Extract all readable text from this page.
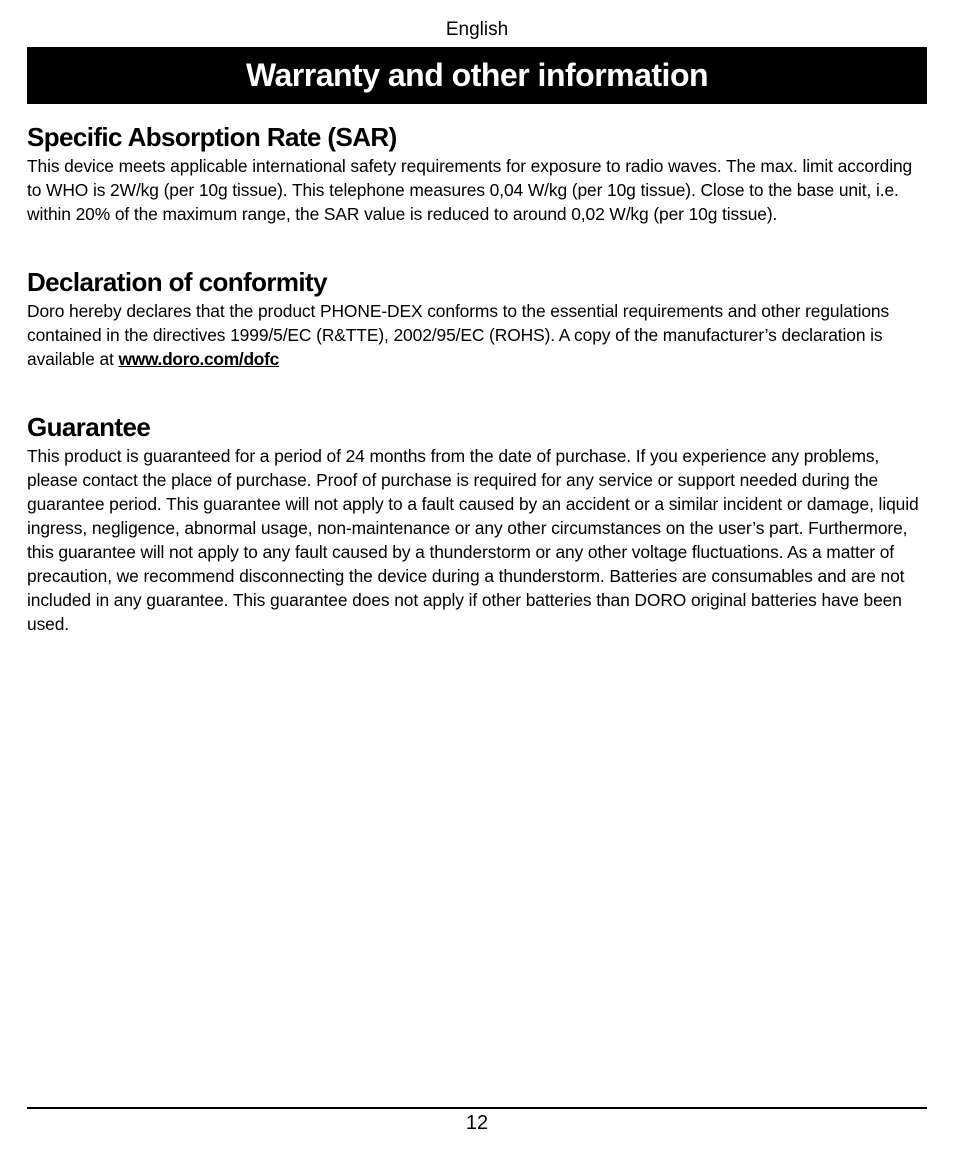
English
Warranty and other information
Specific Absorption Rate (SAR)

This device meets applicable international safety requirements for exposure to radio waves. The max. limit according to WHO is 2W/kg (per 10g tissue). This telephone measures 0,04 W/kg (per 10g tissue). Close to the base unit, i.e. within 20% of the maximum range, the SAR value is reduced to around 0,02 W/kg (per 10g tissue).

Declaration of conformity

Doro hereby declares that the product PHONE-DEX conforms to the essential requirements and other regulations contained in the directives 1999/5/EC (R&TTE), 2002/95/EC (ROHS). A copy of the manufacturer’s declaration is available at www.doro.com/dofc

Guarantee

This product is guaranteed for a period of 24 months from the date of purchase. If you experience any problems, please contact the place of purchase. Proof of purchase is required for any service or support needed during the guarantee period. This guarantee will not apply to a fault caused by an accident or a similar incident or damage, liquid ingress, negligence, abnormal usage, non-maintenance or any other circumstances on the user’s part. Furthermore, this guarantee will not apply to any fault caused by a thunderstorm or any other voltage fluctuations. As a matter of precaution, we recommend disconnecting the device during a thunderstorm. Batteries are consumables and are not included in any guarantee. This guarantee does not apply if other batteries than DORO original batteries have been used.

12
